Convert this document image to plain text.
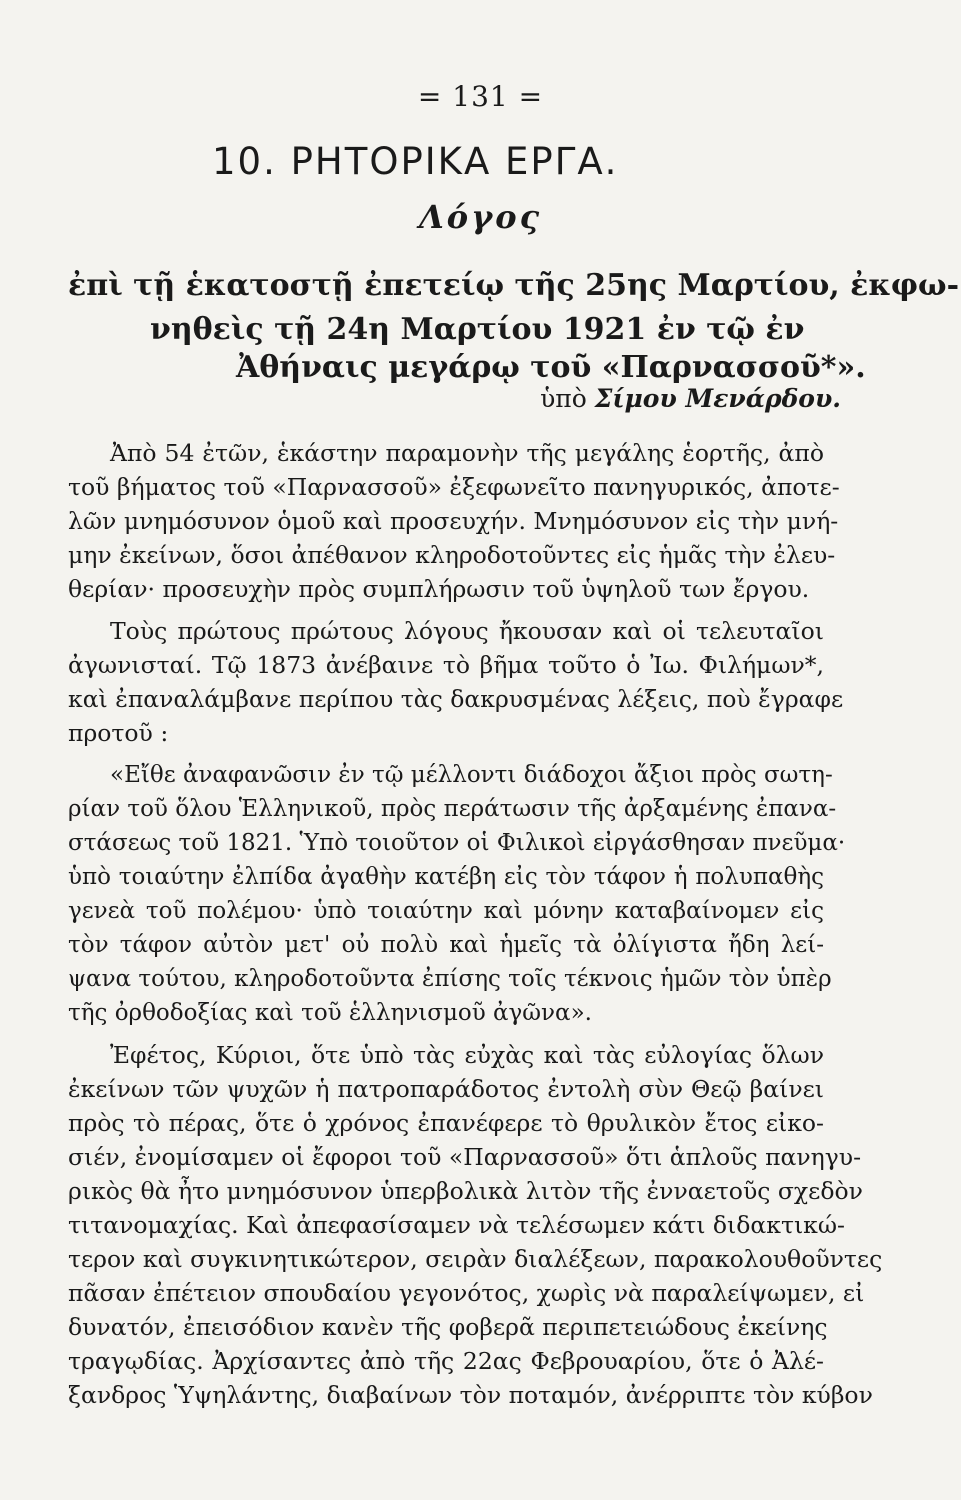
= 131 =
10. ΡΗΤΟΡΙΚΑ ΕΡΓΑ.
Λόγος
ἐπὶ τῇ ἑκατοστῇ ἐπετείῳ τῆς 25ης Μαρτίου, ἐκφω-
νηθεὶς τῇ 24η Μαρτίου 1921 ἐν τῷ ἐν
Ἀθήναις μεγάρῳ τοῦ «Παρνασσοῦ*».
ὑπὸ Σίμου Μενάρδου.
Ἀπὸ 54 ἐτῶν, ἑκάστην παραμονὴν τῆς μεγάλης ἑορτῆς, ἀπὸ
τοῦ βήματος τοῦ «Παρνασσοῦ» ἐξεφωνεῖτο πανηγυρικός, ἀποτε-
λῶν μνημόσυνον ὁμοῦ καὶ προσευχήν. Μνημόσυνον εἰς τὴν μνή-
μην ἐκείνων, ὅσοι ἀπέθανον κληροδοτοῦντες εἰς ἡμᾶς τὴν ἐλευ-
θερίαν· προσευχὴν πρὸς συμπλήρωσιν τοῦ ὑψηλοῦ των ἔργου.
Τοὺς πρώτους πρώτους λόγους ἤκουσαν καὶ οἱ τελευταῖοι
ἀγωνισταί. Τῷ 1873 ἀνέβαινε τὸ βῆμα τοῦτο ὁ Ἰω. Φιλήμων*,
καὶ ἐπαναλάμβανε περίπου τὰς δακρυσμένας λέξεις, ποὺ ἔγραφε
προτοῦ :
«Εἴθε ἀναφανῶσιν ἐν τῷ μέλλοντι διάδοχοι ἄξιοι πρὸς σωτη-
ρίαν τοῦ ὅλου Ἑλληνικοῦ, πρὸς περάτωσιν τῆς ἀρξαμένης ἐπανα-
στάσεως τοῦ 1821. Ὑπὸ τοιοῦτον οἱ Φιλικοὶ εἰργάσθησαν πνεῦμα·
ὑπὸ τοιαύτην ἐλπίδα ἀγαθὴν κατέβη εἰς τὸν τάφον ἡ πολυπαθὴς
γενεὰ τοῦ πολέμου· ὑπὸ τοιαύτην καὶ μόνην καταβαίνομεν εἰς
τὸν τάφον αὐτὸν μετ' οὐ πολὺ καὶ ἡμεῖς τὰ ὀλίγιστα ἤδη λεί-
ψανα τούτου, κληροδοτοῦντα ἐπίσης τοῖς τέκνοις ἡμῶν τὸν ὑπὲρ
τῆς ὀρθοδοξίας καὶ τοῦ ἑλληνισμοῦ ἀγῶνα».
Ἐφέτος, Κύριοι, ὅτε ὑπὸ τὰς εὐχὰς καὶ τὰς εὐλογίας ὅλων
ἐκείνων τῶν ψυχῶν ἡ πατροπαράδοτος ἐντολὴ σὺν Θεῷ βαίνει
πρὸς τὸ πέρας, ὅτε ὁ χρόνος ἐπανέφερε τὸ θρυλικὸν ἔτος εἰκο-
σιέν, ἐνομίσαμεν οἱ ἔφοροι τοῦ «Παρνασσοῦ» ὅτι ἁπλοῦς πανηγυ-
ρικὸς θὰ ἦτο μνημόσυνον ὑπερβολικὰ λιτὸν τῆς ἐνναετοῦς σχεδὸν
τιτανομαχίας. Καὶ ἀπεφασίσαμεν νὰ τελέσωμεν κάτι διδακτικώ-
τερον καὶ συγκινητικώτερον, σειρὰν διαλέξεων, παρακολουθοῦντες
πᾶσαν ἐπέτειον σπουδαίου γεγονότος, χωρὶς νὰ παραλείψωμεν, εἰ
δυνατόν, ἐπεισόδιον κανὲν τῆς φοβερᾶ περιπετειώδους ἐκείνης
τραγῳδίας. Ἀρχίσαντες ἀπὸ τῆς 22ας Φεβρουαρίου, ὅτε ὁ Ἀλέ-
ξανδρος Ὑψηλάντης, διαβαίνων τὸν ποταμόν, ἀνέρριπτε τὸν κύβον
